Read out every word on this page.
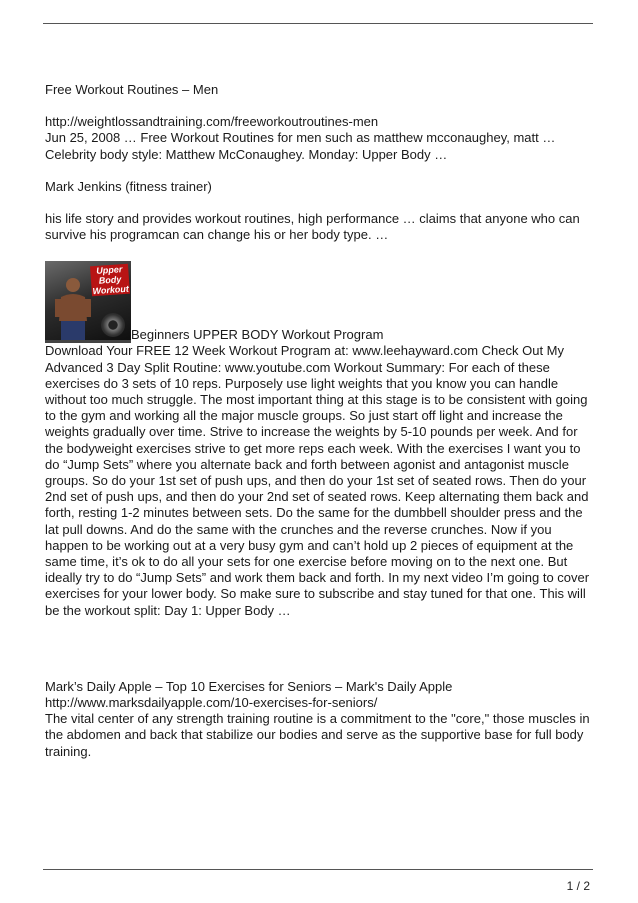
Free Workout Routines – Men

http://weightlossandtraining.com/freeworkoutroutines-men

Jun 25, 2008 … Free Workout Routines for men such as matthew mcconaughey, matt …

Celebrity body style: Matthew McConaughey. Monday: Upper Body …

Mark Jenkins (fitness trainer)

his life story and provides workout routines, high performance … claims that anyone who can survive his programcan can change his or her body type. …

Upper Body Workout
Beginners UPPER BODY Workout Program

Download Your FREE 12 Week Workout Program at: www.leehayward.com Check Out My Advanced 3 Day Split Routine: www.youtube.com Workout Summary: For each of these exercises do 3 sets of 10 reps. Purposely use light weights that you know you can handle without too much struggle. The most important thing at this stage is to be consistent with going to the gym and working all the major muscle groups. So just start off light and increase the weights gradually over time. Strive to increase the weights by 5-10 pounds per week. And for the bodyweight exercises strive to get more reps each week. With the exercises I want you to do “Jump Sets” where you alternate back and forth between agonist and antagonist muscle groups. So do your 1st set of push ups, and then do your 1st set of seated rows. Then do your 2nd set of push ups, and then do your 2nd set of seated rows. Keep alternating them back and forth, resting 1-2 minutes between sets. Do the same for the dumbbell shoulder press and the lat pull downs. And do the same with the crunches and the reverse crunches. Now if you happen to be working out at a very busy gym and can’t hold up 2 pieces of equipment at the same time, it’s ok to do all your sets for one exercise before moving on to the next one. But ideally try to do “Jump Sets” and work them back and forth. In my next video I’m going to cover exercises for your lower body. So make sure to subscribe and stay tuned for that one. This will be the workout split: Day 1: Upper Body …

Mark’s Daily Apple – Top 10 Exercises for Seniors – Mark's Daily Apple

http://www.marksdailyapple.com/10-exercises-for-seniors/

The vital center of any strength training routine is a commitment to the "core," those muscles in the abdomen and back that stabilize our bodies and serve as the supportive base for full body training.

1 / 2
